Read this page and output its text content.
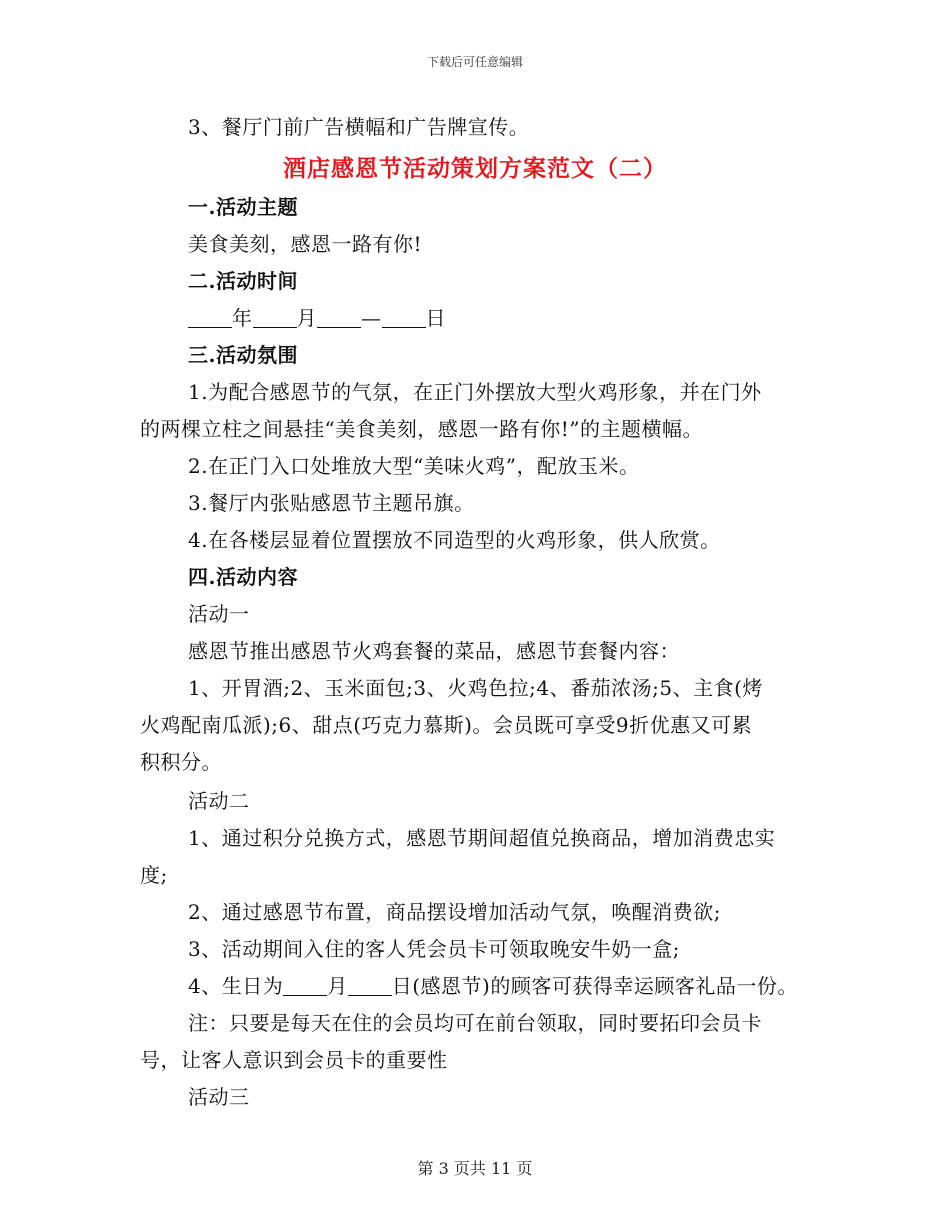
下载后可任意编辑
3、餐厅门前广告横幅和广告牌宣传。
酒店感恩节活动策划方案范文（二）
一.活动主题
美食美刻，感恩一路有你!
二.活动时间
年 月 — 日
三.活动氛围
1.为配合感恩节的气氛，在正门外摆放大型火鸡形象，并在门外
的两棵立柱之间悬挂“美食美刻，感恩一路有你!”的主题横幅。
2.在正门入口处堆放大型“美味火鸡”，配放玉米。
3.餐厅内张贴感恩节主题吊旗。
4.在各楼层显着位置摆放不同造型的火鸡形象，供人欣赏。
四.活动内容
活动一
感恩节推出感恩节火鸡套餐的菜品，感恩节套餐内容：
1、开胃酒;2、玉米面包;3、火鸡色拉;4、番茄浓汤;5、主食(烤
火鸡配南瓜派);6、甜点(巧克力慕斯)。会员既可享受9折优惠又可累
积积分。
活动二
1、通过积分兑换方式，感恩节期间超值兑换商品，增加消费忠实
度;
2、通过感恩节布置，商品摆设增加活动气氛，唤醒消费欲;
3、活动期间入住的客人凭会员卡可领取晚安牛奶一盒;
4、生日为 月 日(感恩节)的顾客可获得幸运顾客礼品一份。
注：只要是每天在住的会员均可在前台领取，同时要拓印会员卡
号，让客人意识到会员卡的重要性
活动三
第 3 页共 11 页
